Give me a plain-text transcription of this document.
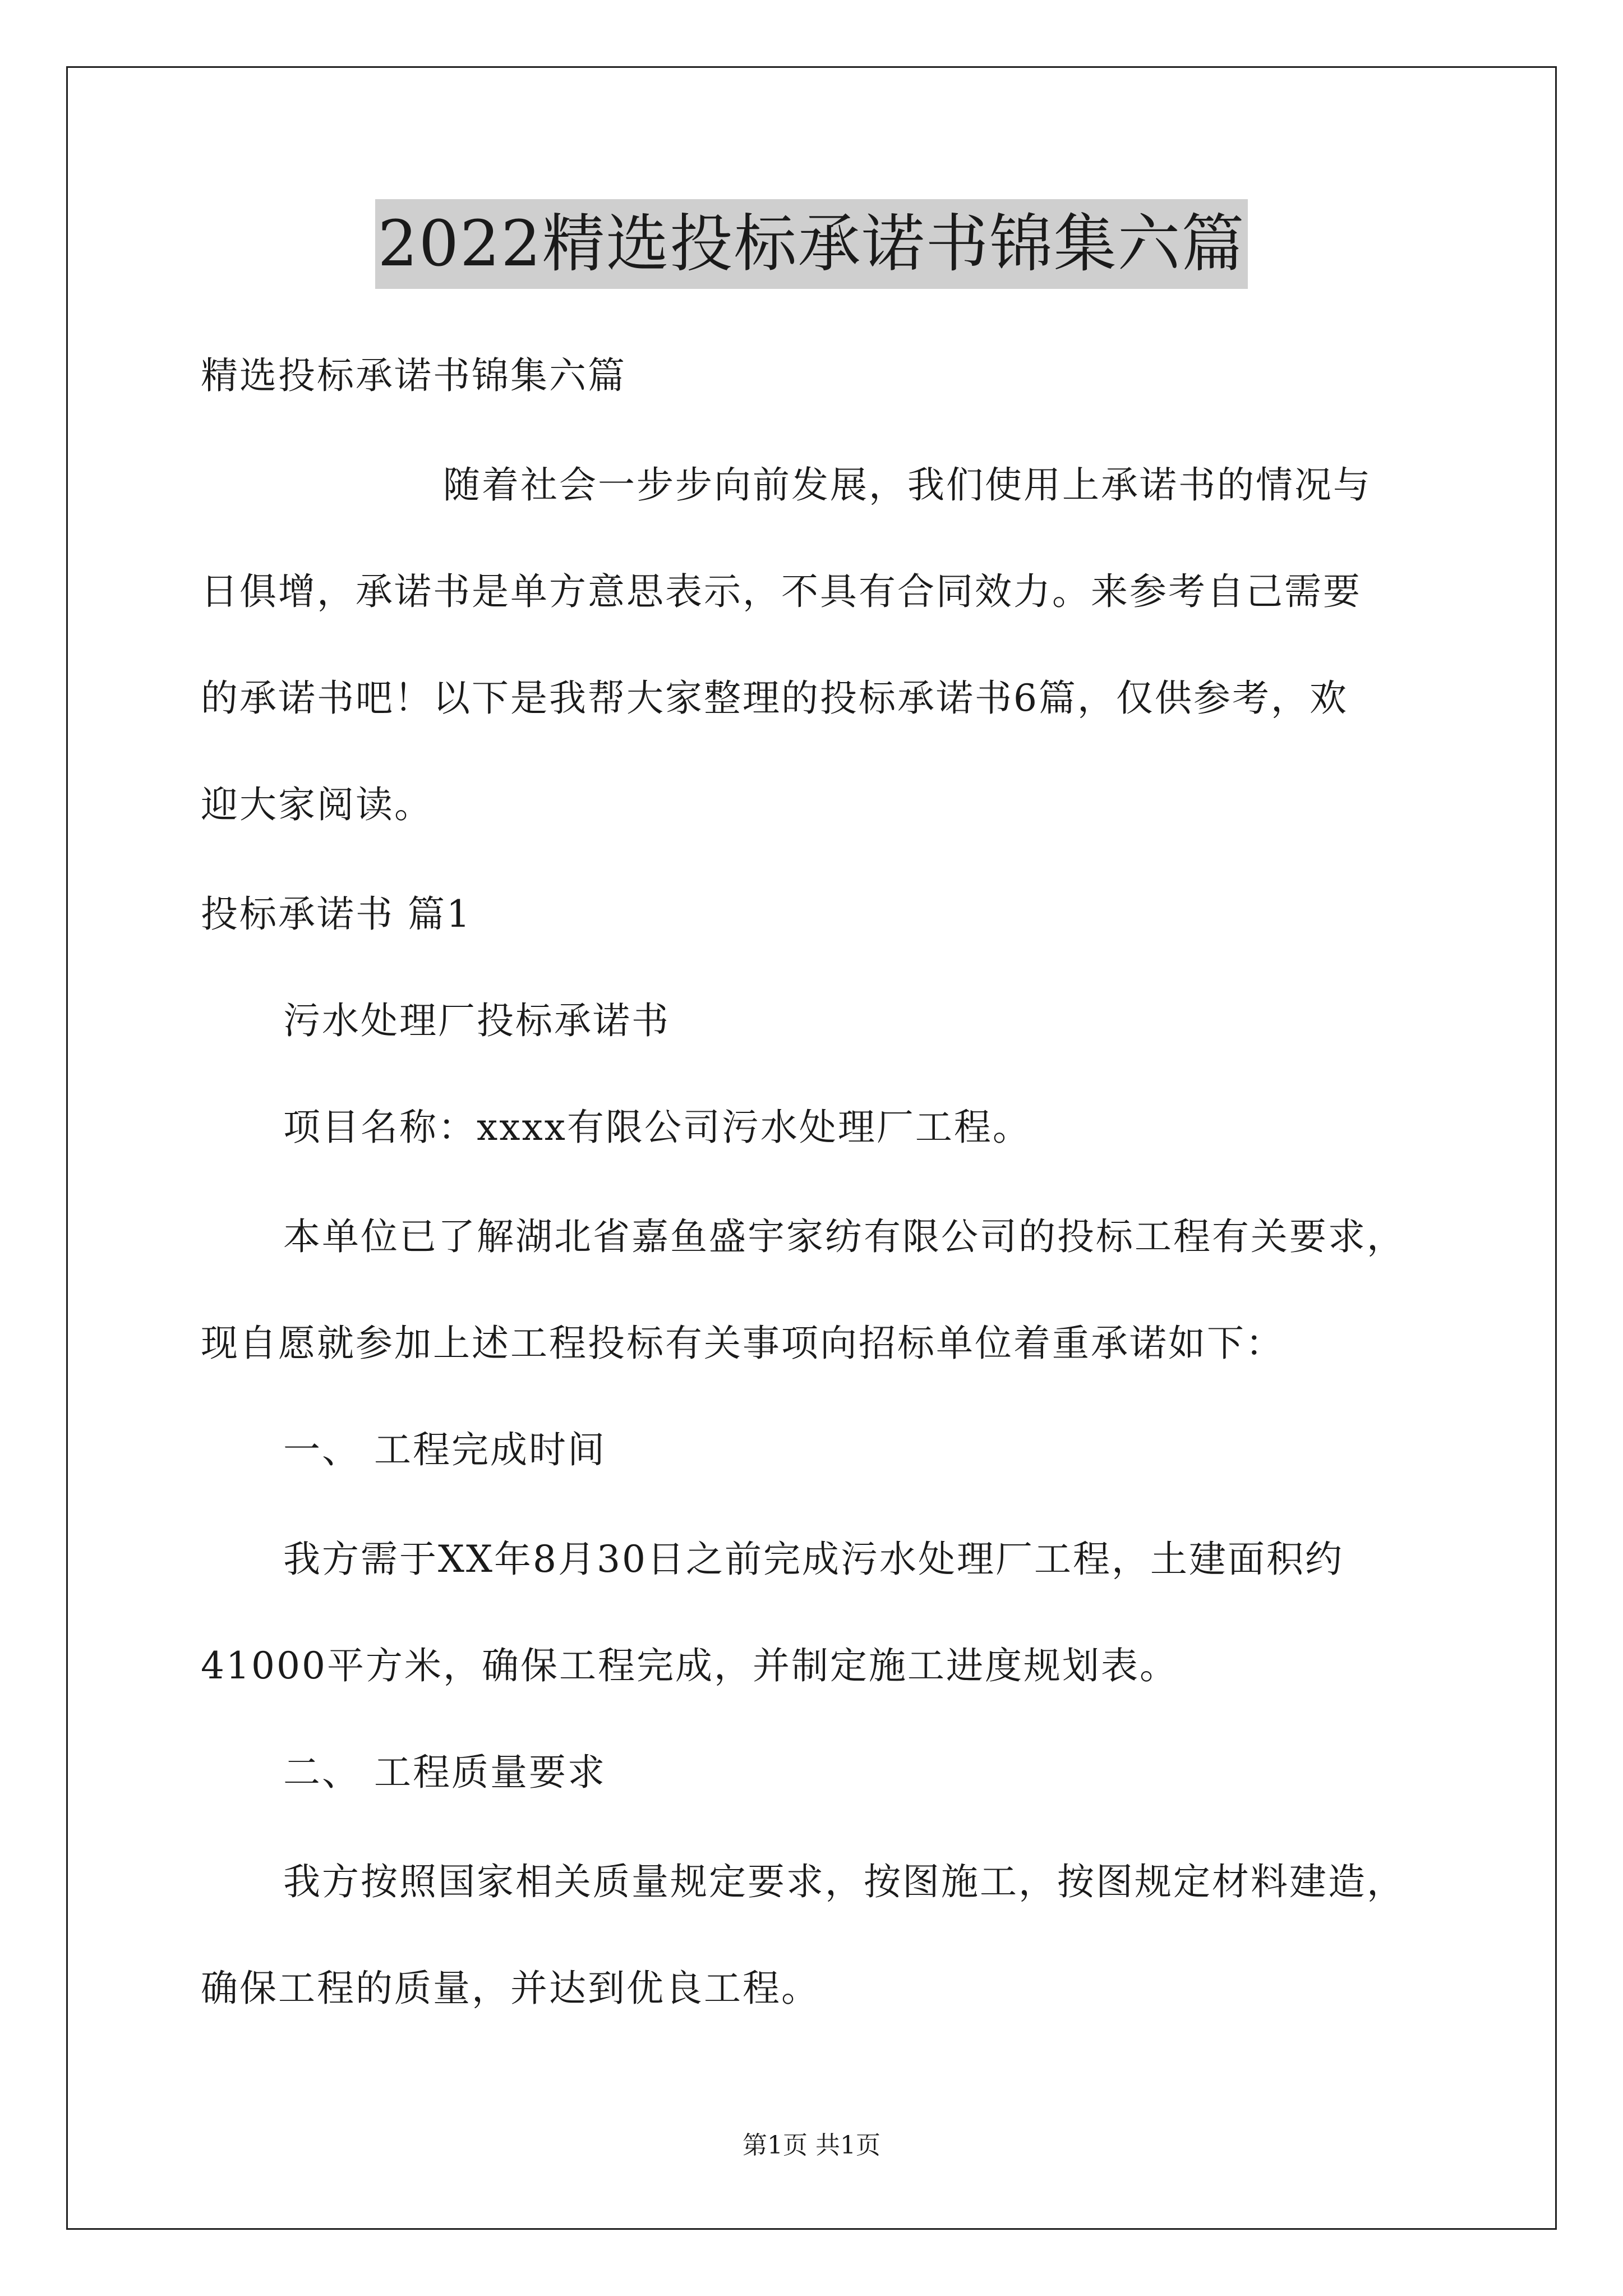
2022精选投标承诺书锦集六篇
精选投标承诺书锦集六篇
随着社会一步步向前发展，我们使用上承诺书的情况与
日俱增，承诺书是单方意思表示，不具有合同效力。来参考自己需要
的承诺书吧！以下是我帮大家整理的投标承诺书6篇，仅供参考，欢
迎大家阅读。
投标承诺书 篇1
污水处理厂投标承诺书
项目名称：xxxx有限公司污水处理厂工程。
本单位已了解湖北省嘉鱼盛宇家纺有限公司的投标工程有关要求，
现自愿就参加上述工程投标有关事项向招标单位着重承诺如下：
一、 工程完成时间
我方需于XX年8月30日之前完成污水处理厂工程，土建面积约
41000平方米，确保工程完成，并制定施工进度规划表。
二、 工程质量要求
我方按照国家相关质量规定要求，按图施工，按图规定材料建造，
确保工程的质量，并达到优良工程。
第1页 共1页
